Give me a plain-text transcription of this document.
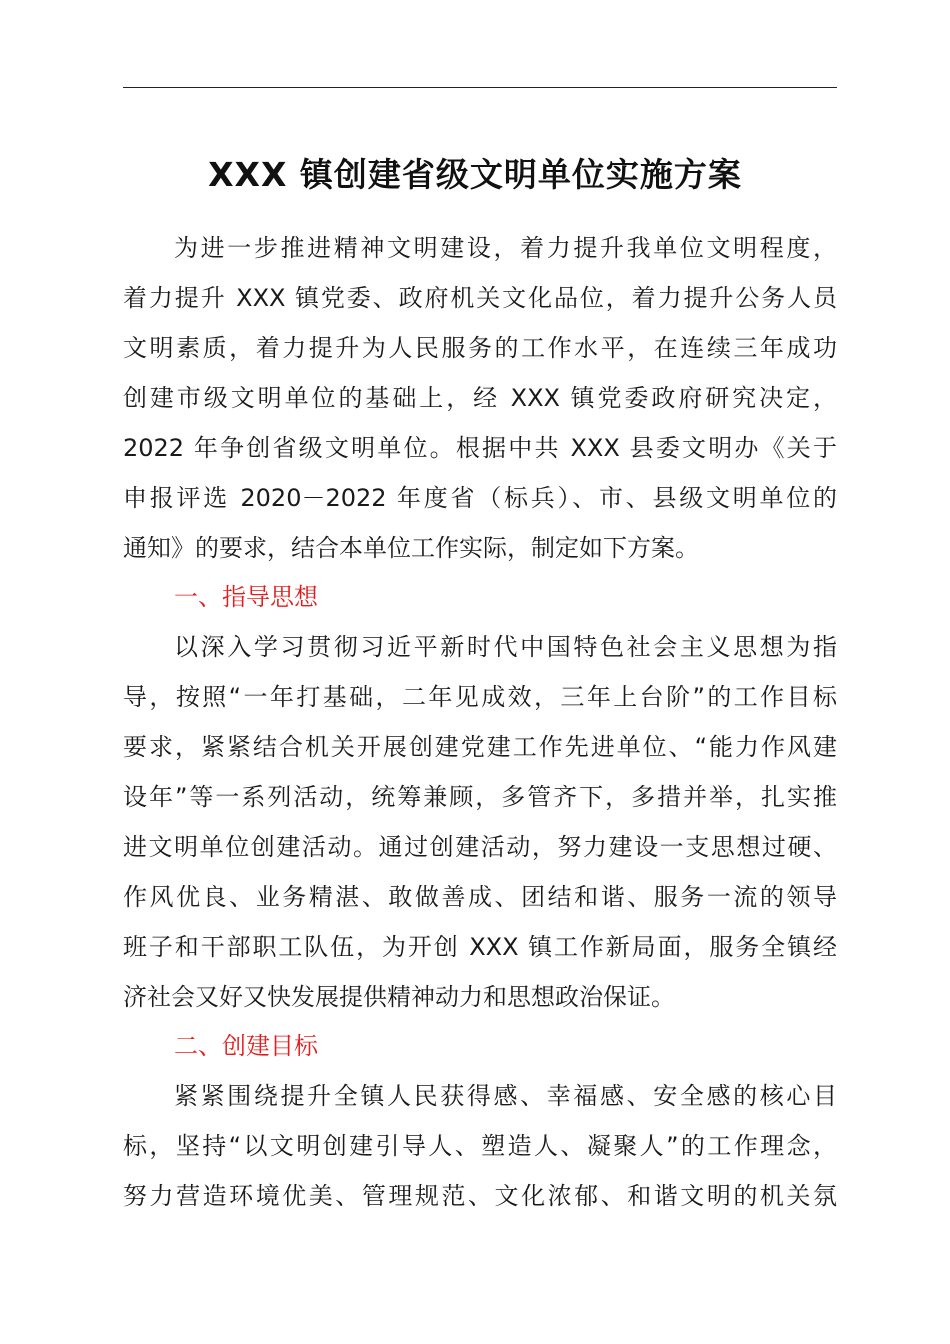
XXX 镇创建省级文明单位实施方案
为进一步推进精神文明建设，着力提升我单位文明程度，
着力提升 XXX 镇党委、政府机关文化品位，着力提升公务人员
文明素质，着力提升为人民服务的工作水平，在连续三年成功
创建市级文明单位的基础上，经 XXX 镇党委政府研究决定，
2022 年争创省级文明单位。根据中共 XXX 县委文明办《关于
申报评选 2020－2022 年度省（标兵）、市、县级文明单位的
通知》的要求，结合本单位工作实际，制定如下方案。
一、指导思想
以深入学习贯彻习近平新时代中国特色社会主义思想为指
导，按照“一年打基础，二年见成效，三年上台阶”的工作目标
要求，紧紧结合机关开展创建党建工作先进单位、“能力作风建
设年”等一系列活动，统筹兼顾，多管齐下，多措并举，扎实推
进文明单位创建活动。通过创建活动，努力建设一支思想过硬、
作风优良、业务精湛、敢做善成、团结和谐、服务一流的领导
班子和干部职工队伍，为开创 XXX 镇工作新局面，服务全镇经
济社会又好又快发展提供精神动力和思想政治保证。
二、创建目标
紧紧围绕提升全镇人民获得感、幸福感、安全感的核心目
标，坚持“以文明创建引导人、塑造人、凝聚人”的工作理念，
努力营造环境优美、管理规范、文化浓郁、和谐文明的机关氛
